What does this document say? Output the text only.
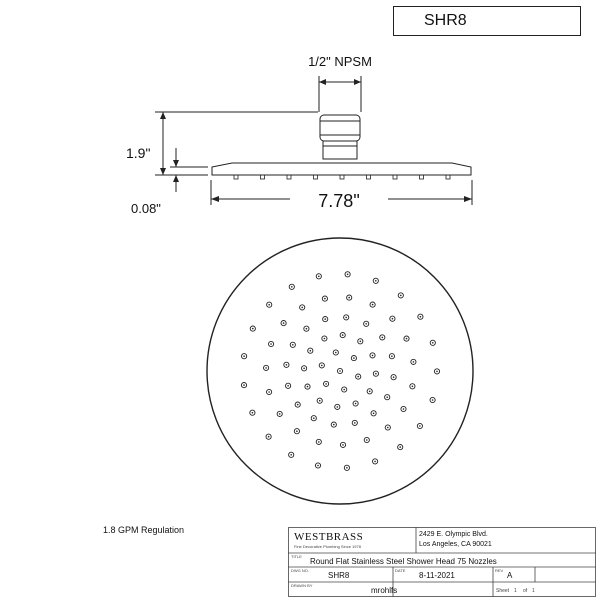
SHR8
1/2" NPSM
1.9"
0.08"	7.78"
1.8 GPM Regulation
WESTBRASS
Fine Decorative Plumbing Since 1978
2429 E. Olympic Blvd.
Los Angeles, CA 90021
TITLE
Round Flat Stainless Steel Shower Head 75 Nozzles
DWG NO.
SHR8
DATE
8-11-2021
REV
A
DRAWN BY
mrohlfs	Sheet 1 of 1
